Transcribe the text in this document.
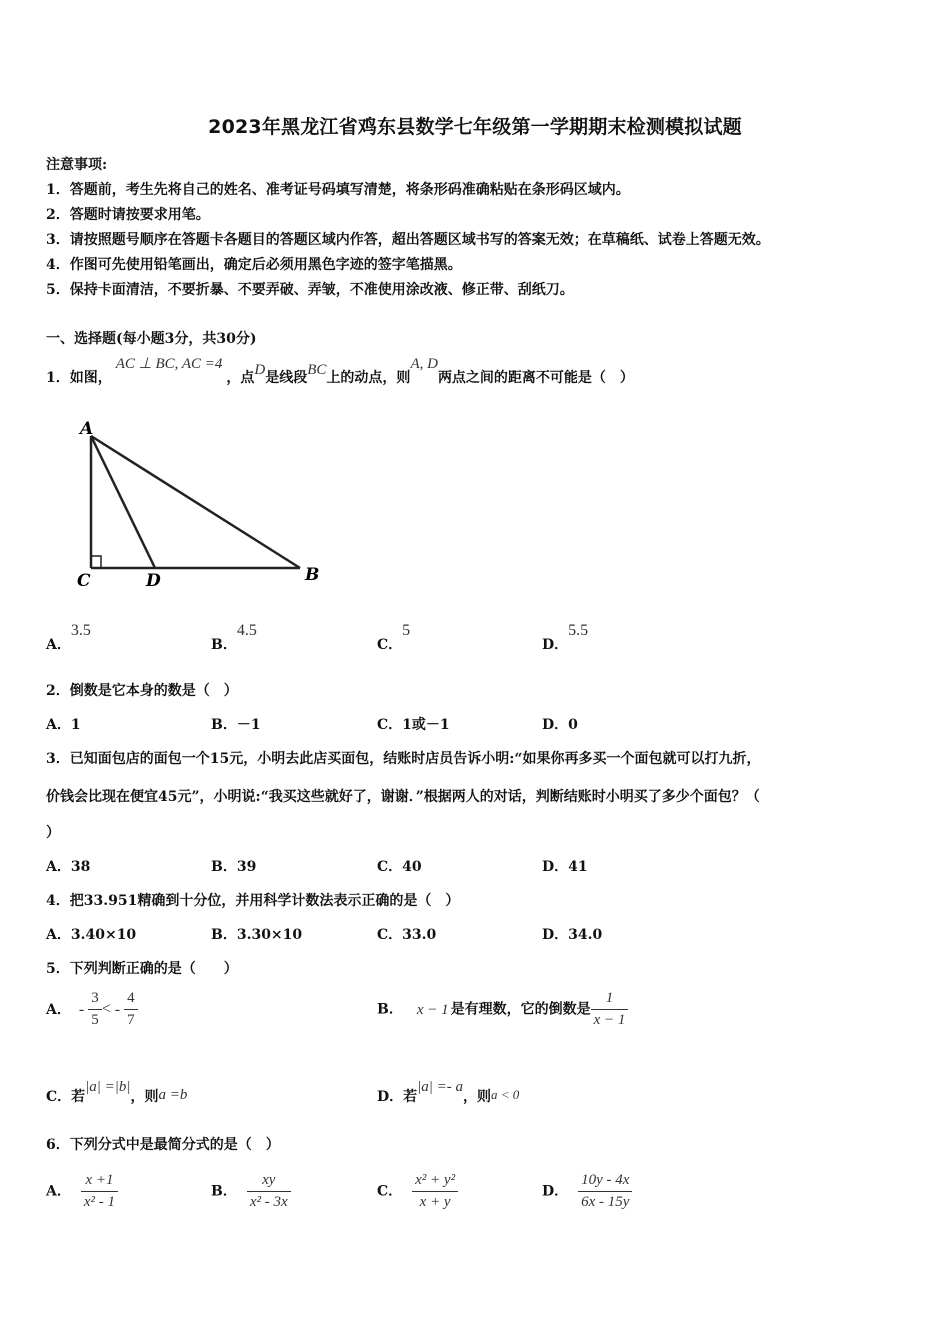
2023年黑龙江省鸡东县数学七年级第一学期期末检测模拟试题
注意事项:
1．答题前，考生先将自己的姓名、准考证号码填写清楚，将条形码准确粘贴在条形码区域内。
2．答题时请按要求用笔。
3．请按照题号顺序在答题卡各题目的答题区域内作答，超出答题区域书写的答案无效；在草稿纸、试卷上答题无效。
4．作图可先使用铅笔画出，确定后必须用黑色字迹的签字笔描黑。
5．保持卡面清洁，不要折暴、不要弄破、弄皱，不准使用涂改液、修正带、刮纸刀。
一、选择题(每小题3分，共30分)
1．如图，AC ⊥ BC, AC =4，点D是线段BC上的动点，则A, D两点之间的距离不可能是（　）
A
C	D	B
A．3.5
B．4.5
C．5
D．5.5
2．倒数是它本身的数是（　）
A．1	B．－1	C．1或－1	D．0
3．已知面包店的面包一个15元，小明去此店买面包，结账时店员告诉小明:“如果你再多买一个面包就可以打九折，
价钱会比现在便宜45元”，小明说:“我买这些就好了，谢谢．”根据两人的对话，判断结账时小明买了多少个面包？（
）
A．38	B．39	C．40	D．41
4．把33.951精确到十分位，并用科学计数法表示正确的是（　）
A．3.40×10	B．3.30×10	C．33.0	D．34.0
5．下列判断正确的是（　　）
A． - $\frac{3}{5}$ < - $\frac{4}{7}$	B． x − 1 是有理数，它的倒数是 $\frac{1}{x - 1}$
C．若|a| =|b|，则a =b	D．若|a| =- a，则a < 0
6．下列分式中是最简分式的是（　）
A． $\frac{x +1}{\text{x² - 1}}$	B． $\frac{xy}{\text{x² - 3x}}$	C． $\frac{\text{x² + y²}}{x + y}$	D． $\frac{10y - 4x}{6x - 15y}$
